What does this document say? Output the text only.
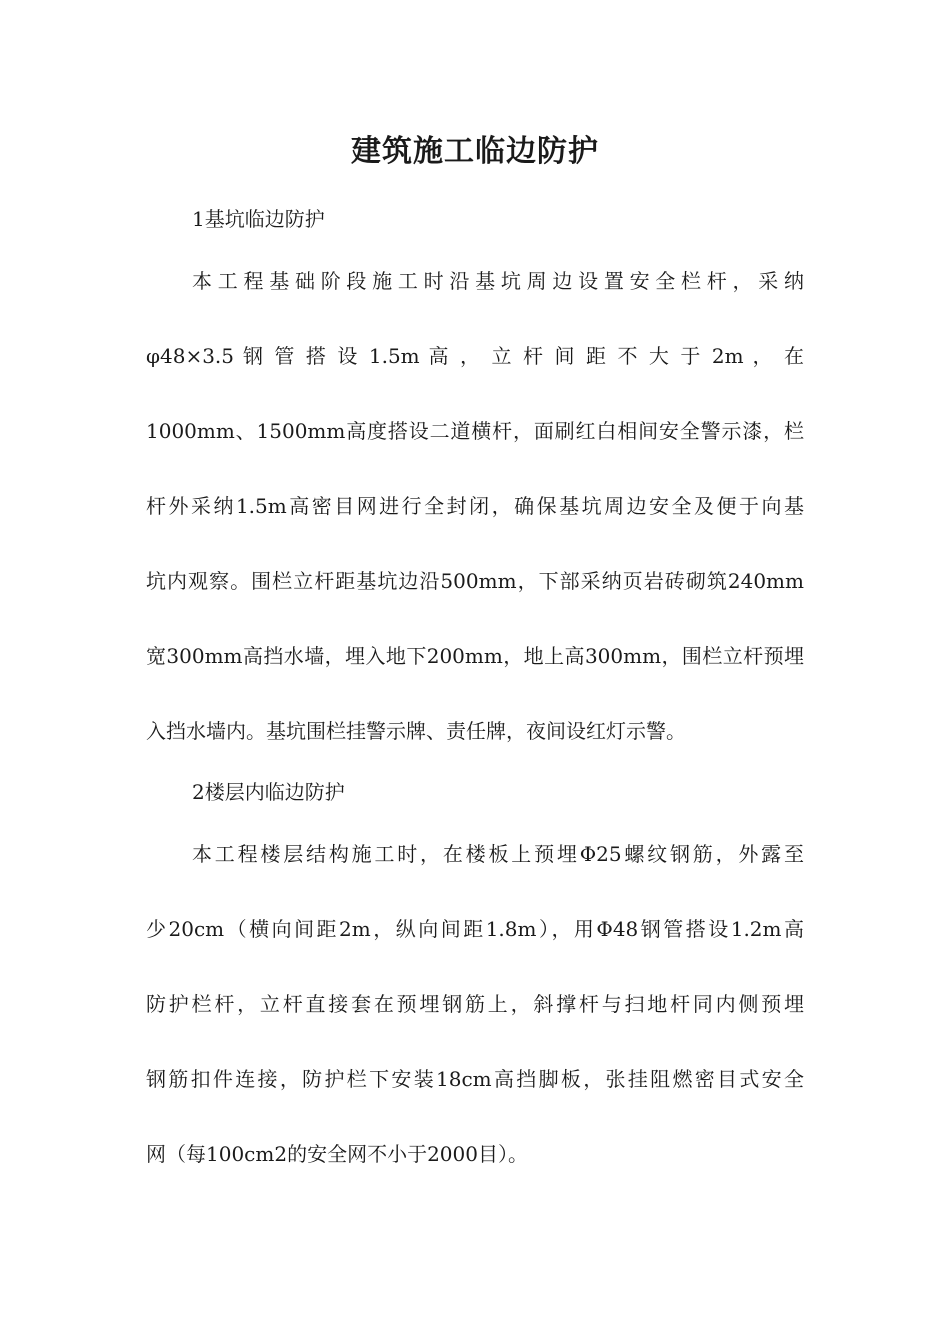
建筑施工临边防护
1基坑临边防护
本工程基础阶段施工时沿基坑周边设置安全栏杆，采纳
φ48×3.5 钢 管 搭 设 1.5m 高 ， 立 杆 间 距 不 大 于 2m ， 在
1000mm、1500mm高度搭设二道横杆，面刷红白相间安全警示漆，栏
杆外采纳1.5m高密目网进行全封闭，确保基坑周边安全及便于向基
坑内观察。围栏立杆距基坑边沿500mm，下部采纳页岩砖砌筑240mm
宽300mm高挡水墙，埋入地下200mm，地上高300mm，围栏立杆预埋
入挡水墙内。基坑围栏挂警示牌、责任牌，夜间设红灯示警。
2楼层内临边防护
本工程楼层结构施工时，在楼板上预埋Φ25螺纹钢筋，外露至
少20cm（横向间距2m，纵向间距1.8m），用Φ48钢管搭设1.2m高
防护栏杆，立杆直接套在预埋钢筋上，斜撑杆与扫地杆同内侧预埋
钢筋扣件连接，防护栏下安装18cm高挡脚板，张挂阻燃密目式安全
网（每100cm2的安全网不小于2000目）。
